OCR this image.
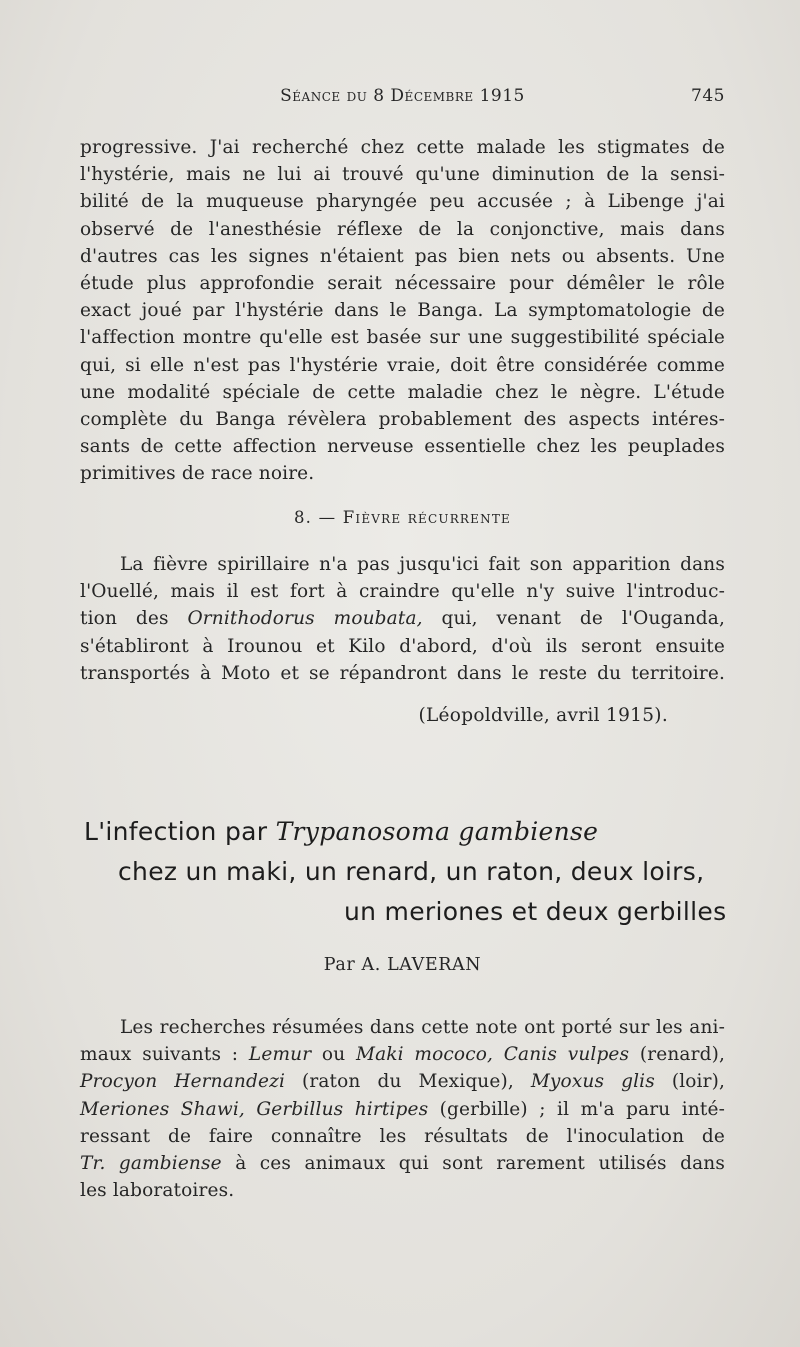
Séance du 8 Décembre 1915	745
progressive. J'ai recherché chez cette malade les stigmates de
l'hystérie, mais ne lui ai trouvé qu'une diminution de la sensi-
bilité de la muqueuse pharyngée peu accusée ; à Libenge j'ai
observé de l'anesthésie réflexe de la conjonctive, mais dans
d'autres cas les signes n'étaient pas bien nets ou absents. Une
étude plus approfondie serait nécessaire pour démêler le rôle
exact joué par l'hystérie dans le Banga. La symptomatologie de
l'affection montre qu'elle est basée sur une suggestibilité spéciale
qui, si elle n'est pas l'hystérie vraie, doit être considérée comme
une modalité spéciale de cette maladie chez le nègre. L'étude
complète du Banga révèlera probablement des aspects intéres-
sants de cette affection nerveuse essentielle chez les peuplades
primitives de race noire.
8. — Fièvre récurrente
La fièvre spirillaire n'a pas jusqu'ici fait son apparition dans
l'Ouellé, mais il est fort à craindre qu'elle n'y suive l'introduc-
tion des Ornithodorus moubata, qui, venant de l'Ouganda,
s'établiront à Irounou et Kilo d'abord, d'où ils seront ensuite
transportés à Moto et se répandront dans le reste du territoire.
(Léopoldville, avril 1915).
L'infection par Trypanosoma gambiense
chez un maki, un renard, un raton, deux loirs,
un meriones et deux gerbilles
Par A. LAVERAN
Les recherches résumées dans cette note ont porté sur les ani-
maux suivants : Lemur ou Maki mococo, Canis vulpes (renard),
Procyon Hernandezi (raton du Mexique), Myoxus glis (loir),
Meriones Shawi, Gerbillus hirtipes (gerbille) ; il m'a paru inté-
ressant de faire connaître les résultats de l'inoculation de
Tr. gambiense à ces animaux qui sont rarement utilisés dans
les laboratoires.
